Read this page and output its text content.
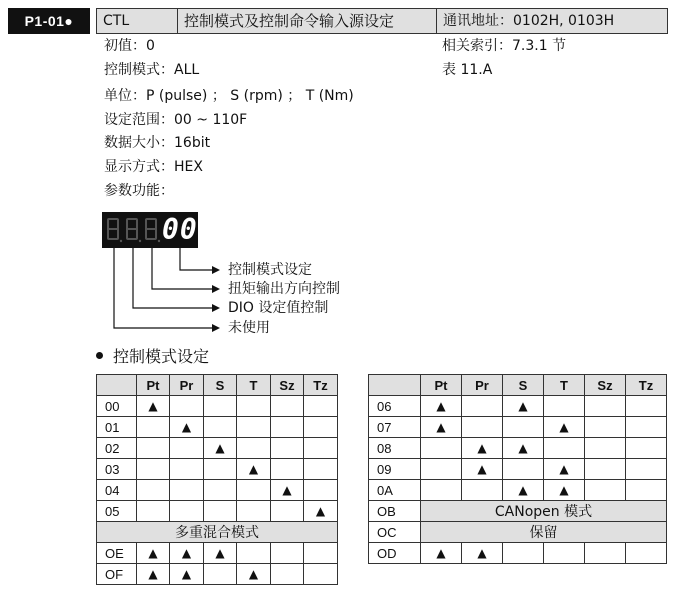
P1-01●	CTL	控制模式及控制命令输入源设定	通讯地址：0102H, 0103H
初值：0	相关索引：7.3.1 节
控制模式：ALL	表 11.A
单位：P (pulse) ； S (rpm) ； T (Nm)
设定范围：00 ~ 110F
数据大小：16bit
显示方式：HEX
参数功能：
00
控制模式设定
扭矩输出方向控制
DIO 设定值控制
未使用
控制模式设定
	Pt	Pr	S	T	Sz	Tz
00	▲					
01		▲				
02			▲			
03				▲		
04					▲	
05						▲
多重混合模式						
OE	▲	▲	▲			
OF	▲	▲		▲		
	Pt	Pr	S	T	Sz	Tz
06	▲		▲			
07	▲			▲		
08		▲	▲			
09		▲		▲		
0A			▲	▲		
OB	CANopen 模式					
OC	保留					
OD	▲	▲				
